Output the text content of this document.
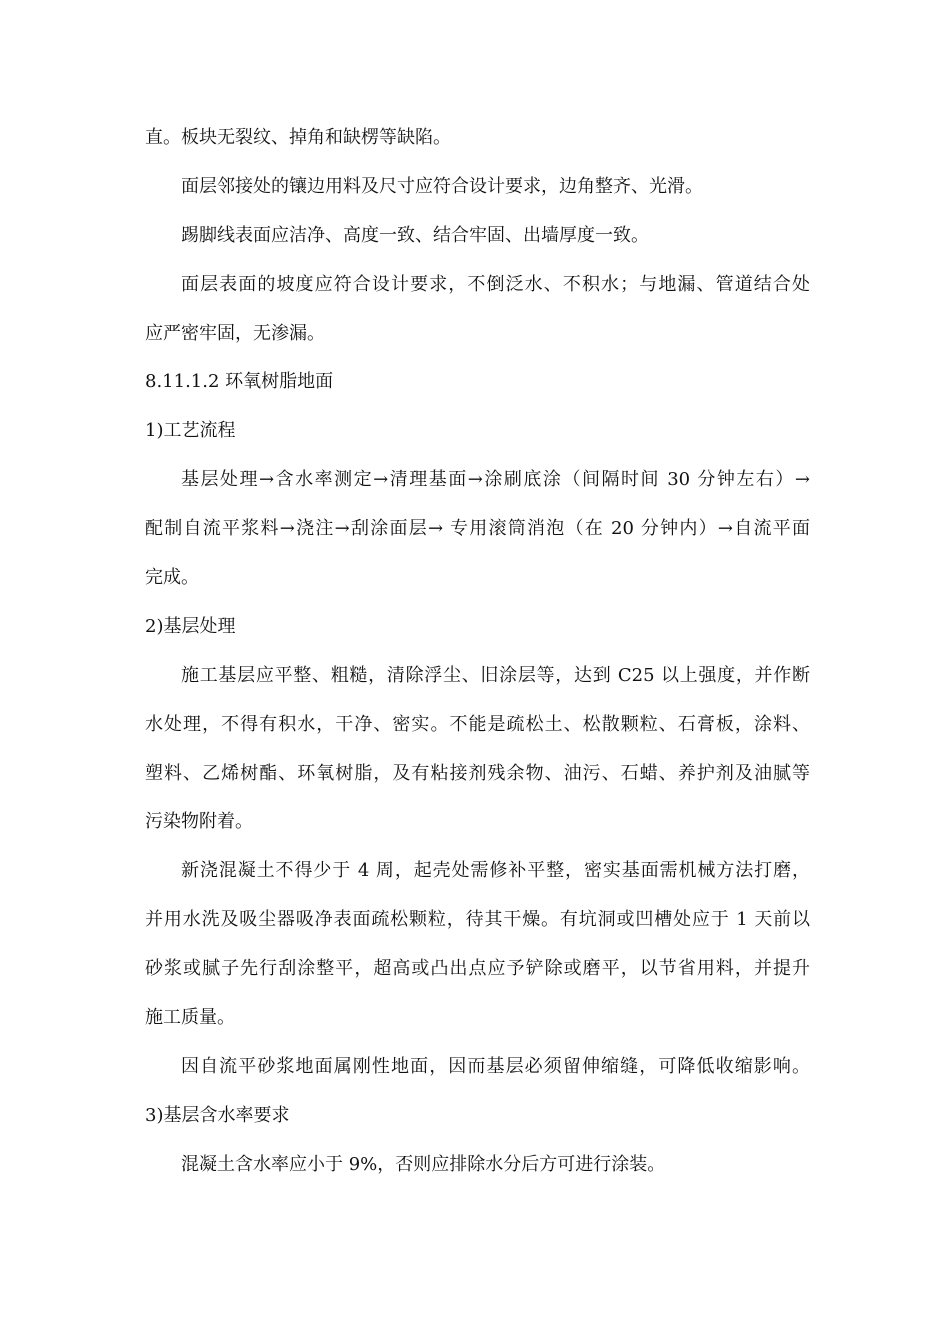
直。板块无裂纹、掉角和缺楞等缺陷。
面层邻接处的镶边用料及尺寸应符合设计要求，边角整齐、光滑。
踢脚线表面应洁净、高度一致、结合牢固、出墙厚度一致。
面层表面的坡度应符合设计要求，不倒泛水、不积水；与地漏、管道结合处
应严密牢固，无渗漏。
8.11.1.2 环氧树脂地面
1)工艺流程
基层处理→含水率测定→清理基面→涂刷底涂（间隔时间 30 分钟左右）→
配制自流平浆料→浇注→刮涂面层→ 专用滚筒消泡（在 20 分钟内）→自流平面
完成。
2)基层处理
施工基层应平整、粗糙，清除浮尘、旧涂层等，达到 C25 以上强度，并作断
水处理，不得有积水，干净、密实。不能是疏松土、松散颗粒、石膏板，涂料、
塑料、乙烯树酯、环氧树脂，及有粘接剂残余物、油污、石蜡、养护剂及油腻等
污染物附着。
新浇混凝土不得少于 4 周，起壳处需修补平整，密实基面需机械方法打磨，
并用水洗及吸尘器吸净表面疏松颗粒，待其干燥。有坑洞或凹槽处应于 1 天前以
砂浆或腻子先行刮涂整平，超高或凸出点应予铲除或磨平，以节省用料，并提升
施工质量。
因自流平砂浆地面属刚性地面，因而基层必须留伸缩缝，可降低收缩影响。
3)基层含水率要求
混凝土含水率应小于 9%，否则应排除水分后方可进行涂装。
